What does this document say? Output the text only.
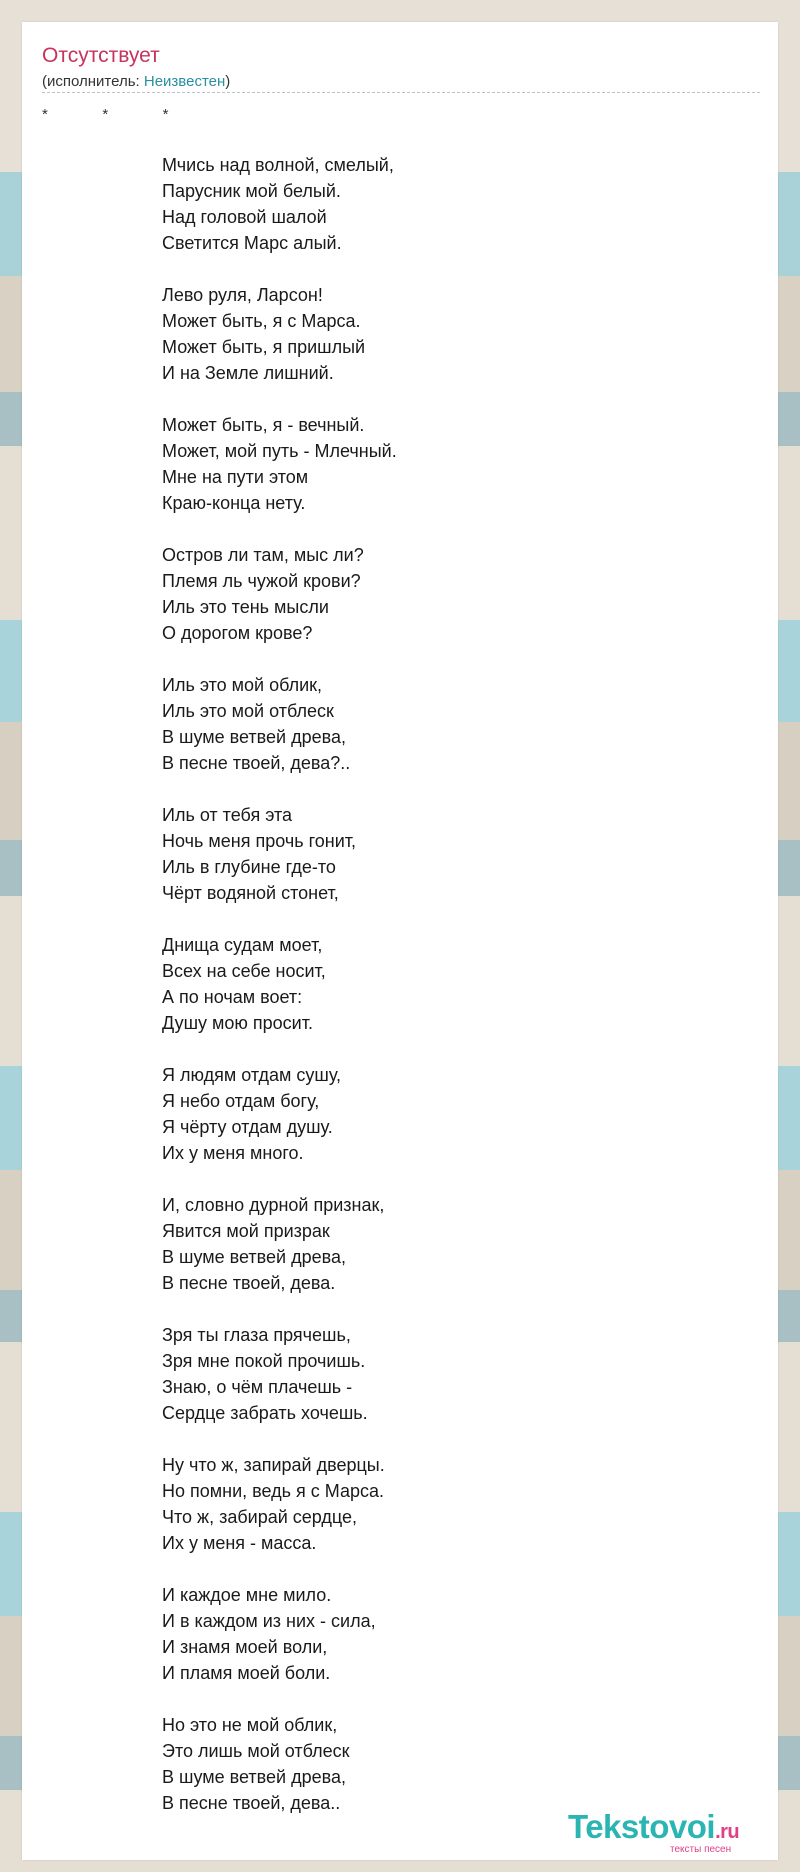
Отсутствует
(исполнитель: Неизвестен)
*   *   *
Мчись над волной, смелый,
Парусник мой белый.
Над головой шалой
Светится Марс алый.
Лево руля, Ларсон!
Может быть, я с Марса.
Может быть, я пришлый
И на Земле лишний.
Может быть, я - вечный.
Может, мой путь - Млечный.
Мне на пути этом
Краю-конца нету.
Остров ли там, мыс ли?
Племя ль чужой крови?
Иль это тень мысли
О дорогом крове?
Иль это мой облик,
Иль это мой отблеск
В шуме ветвей древа,
В песне твоей, дева?..
Иль от тебя эта
Ночь меня прочь гонит,
Иль в глубине где-то
Чёрт водяной стонет,
Днища судам моет,
Всех на себе носит,
А по ночам воет:
Душу мою просит.
Я людям отдам сушу,
Я небо отдам богу,
Я чёрту отдам душу.
Их у меня много.
И, словно дурной признак,
Явится мой призрак
В шуме ветвей древа,
В песне твоей, дева.
Зря ты глаза прячешь,
Зря мне покой прочишь.
Знаю, о чём плачешь -
Сердце забрать хочешь.
Ну что ж, запирай дверцы.
Но помни, ведь я с Марса.
Что ж, забирай сердце,
Их у меня - масса.
И каждое мне мило.
И в каждом из них - сила,
И знамя моей воли,
И пламя моей боли.
Но это не мой облик,
Это лишь мой отблеск
В шуме ветвей древа,
В песне твоей, дева..
Tekstovoi.ru
тексты песен
